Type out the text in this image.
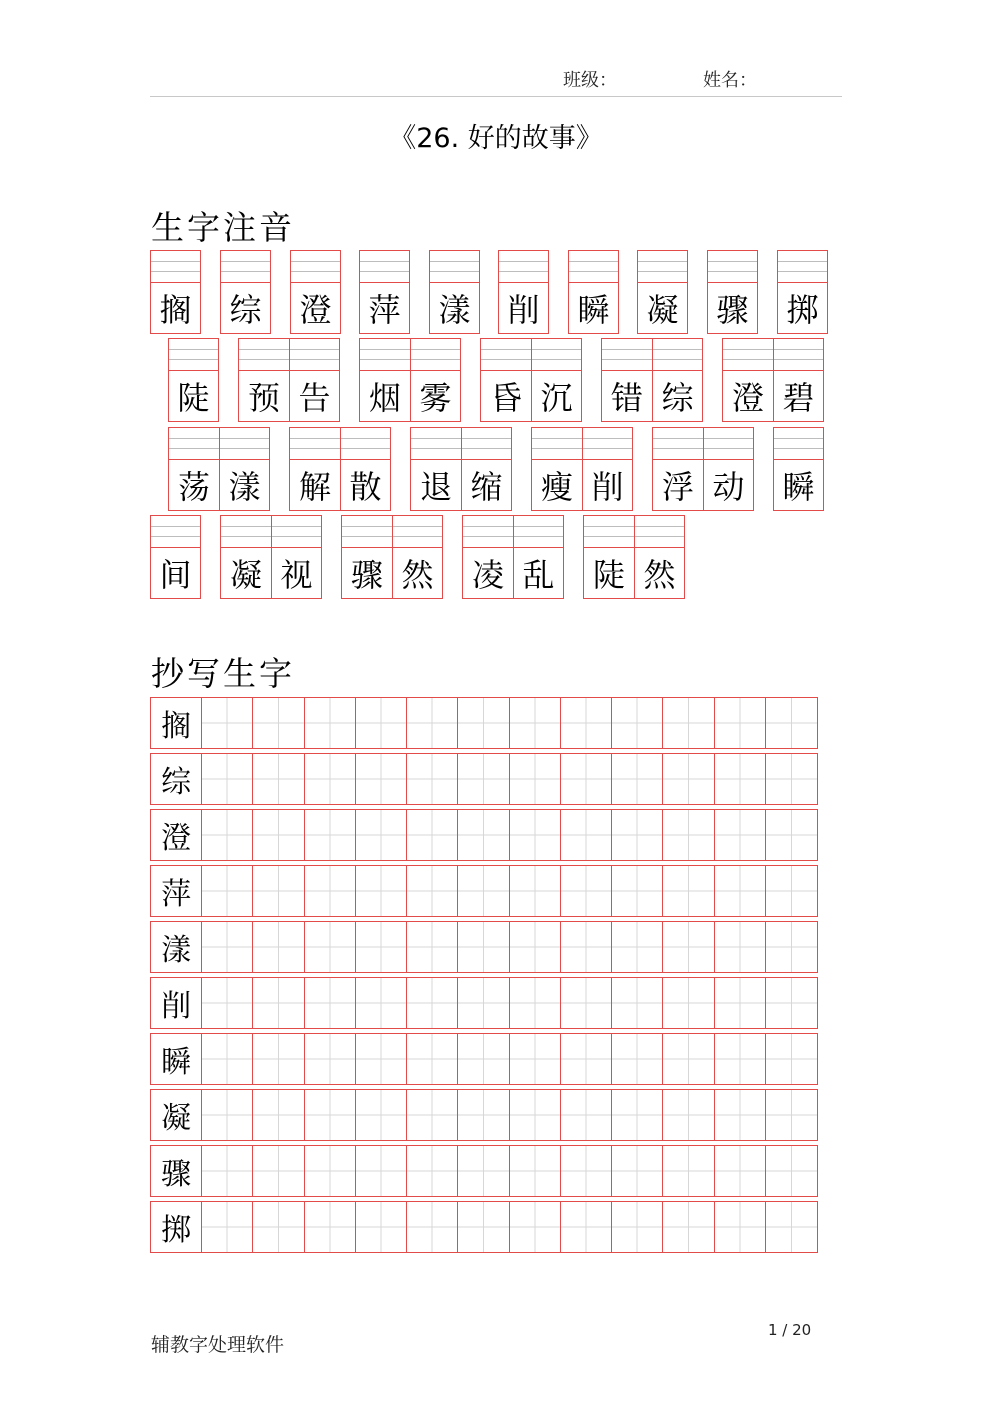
班级：	姓名：
《26. 好的故事》
生字注音
搁 综 澄 萍 漾 削 瞬 凝 骤 掷
陡 预 告 烟 雾 昏 沉 错 综 澄 碧
荡 漾 解 散 退 缩 瘦 削 浮 动 瞬
间 凝 视 骤 然 凌 乱 陡 然
抄写生字
搁
综
澄
萍
漾
削
瞬
凝
骤
掷
辅教字处理软件
1 / 20
